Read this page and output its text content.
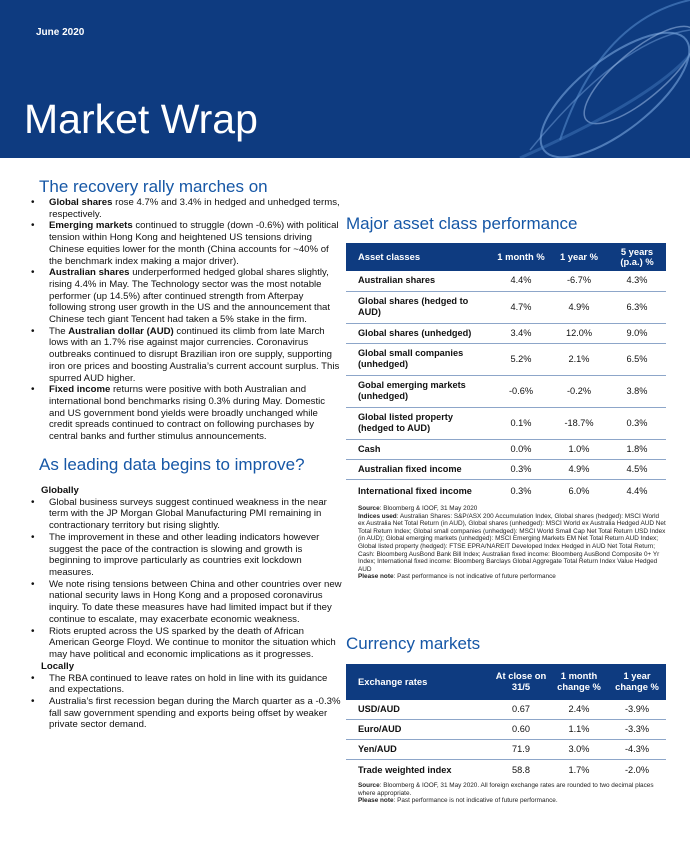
June 2020
Market Wrap
The recovery rally marches on
• Global shares rose 4.7% and 3.4% in hedged and unhedged terms, respectively.
• Emerging markets continued to struggle (down -0.6%) with political tension within Hong Kong and heightened US tensions driving Chinese equities lower for the month (China accounts for ~40% of the benchmark index making a major driver).
• Australian shares underperformed hedged global shares slightly, rising 4.4% in May. The Technology sector was the most notable performer (up 14.5%) after continued strength from Afterpay following strong user growth in the US and the announcement that Chinese tech giant Tencent had taken a 5% stake in the firm.
• The Australian dollar (AUD) continued its climb from late March lows with an 1.7% rise against major currencies. Coronavirus outbreaks continued to disrupt Brazilian iron ore supply, supporting iron ore prices and boosting Australia’s current account surplus. This spurred AUD higher.
• Fixed income returns were positive with both Australian and international bond benchmarks rising 0.3% during May. Domestic and US government bond yields were broadly unchanged while credit spreads continued to contract on following purchases by central banks and further stimulus announcements.
As leading data begins to improve?
Globally
• Global business surveys suggest continued weakness in the near term with the JP Morgan Global Manufacturing PMI remaining in contractionary territory but rising slightly.
• The improvement in these and other leading indicators however suggest the pace of the contraction is slowing and growth is beginning to improve particularly as countries exit lockdown measures.
• We note rising tensions between China and other countries over new national security laws in Hong Kong and a proposed coronavirus inquiry. To date these measures have had limited impact but if they continue to escalate, may exacerbate economic weakness.
• Riots erupted across the US sparked by the death of African American George Floyd. We continue to monitor the situation which may have political and economic implications as it progresses.
Locally
• The RBA continued to leave rates on hold in line with its guidance and expectations.
• Australia’s first recession began during the March quarter as a -0.3% fall saw government spending and exports being offset by weaker private sector demand.
Major asset class performance
Asset classes	1 month %	1 year %	5 years (p.a.) %
Australian shares	4.4%	-6.7%	4.3%
Global shares (hedged to AUD)	4.7%	4.9%	6.3%
Global shares (unhedged)	3.4%	12.0%	9.0%
Global small companies (unhedged)	5.2%	2.1%	6.5%
Gobal emerging markets (unhedged)	-0.6%	-0.2%	3.8%
Global listed property (hedged to AUD)	0.1%	-18.7%	0.3%
Cash	0.0%	1.0%	1.8%
Australian fixed income	0.3%	4.9%	4.5%
International fixed income	0.3%	6.0%	4.4%
Source: Bloomberg & IOOF, 31 May 2020
Indices used: Australian Shares: S&P/ASX 200 Accumulation Index, Global shares (hedged): MSCI World ex Australia Net Total Return (in AUD), Global shares (unhedged): MSCI World ex Australia Hedged AUD Net Total Return Index; Global small companies (unhedged): MSCI World Small Cap Net Total Return USD Index (in AUD); Global emerging markets (unhedged): MSCI Emerging Markets EM Net Total Return AUD Index; Global listed property (hedged): FTSE EPRA/NAREIT Developed Index Hedged in AUD Net Total Return; Cash: Bloomberg AusBond Bank Bill Index; Australian fixed income: Bloomberg AusBond Composite 0+ Yr Index; International fixed income: Bloomberg Barclays Global Aggregate Total Return Index Value Hedged AUD
Please note: Past performance is not indicative of future performance
Currency markets
Exchange rates	At close on 31/5	1 month change %	1 year change %
USD/AUD	0.67	2.4%	-3.9%
Euro/AUD	0.60	1.1%	-3.3%
Yen/AUD	71.9	3.0%	-4.3%
Trade weighted index	58.8	1.7%	-2.0%
Source: Bloomberg & IOOF, 31 May 2020. All foreign exchange rates are rounded to two decimal places where appropriate.
Please note: Past performance is not indicative of future performance.
